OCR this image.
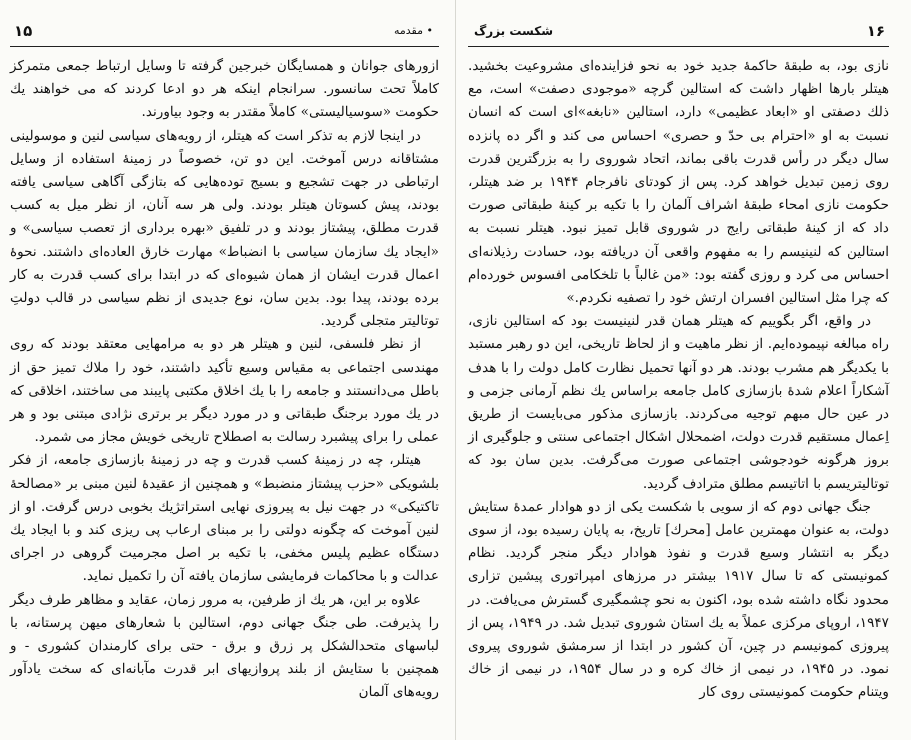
۱۵	• مقدمه

ازورهای جوانان و همسایگان خبرجین گرفته تا وسایل ارتباط جمعی متمرکز کاملاً تحت سانسور. سرانجام اینکه هر دو ادعا کردند که می خواهند یك حکومت «سوسیالیستی» کاملاً مقتدر به وجود بیاورند.

در اینجا لازم به تذکر است که هیتلر، از رویه‌های سیاسی لنین و موسولینی مشتاقانه درس آموخت. این دو تن، خصوصاً در زمینهٔ استفاده از وسایل ارتباطی در جهت تشجیع و بسیج توده‌هایی که بتازگی آگاهی سیاسی یافته بودند، پیش کسوتان هیتلر بودند. ولی هر سه آنان، از نظر میل به کسب قدرت مطلق، پیشتاز بودند و در تلفیق «بهره برداری از تعصب سیاسی» و «ایجاد یك سازمان سیاسی با انضباط» مهارت خارق العاده‌ای داشتند. نحوهٔ اعمال قدرت ایشان از همان شیوه‌ای که در ابتدا برای کسب قدرت به کار برده بودند، پیدا بود. بدین سان، نوع جدیدی از نظم سیاسی در قالب دولتِ توتالیتر متجلی گردید.

از نظر فلسفی، لنین و هیتلر هر دو به مرامهایی معتقد بودند که روی مهندسی اجتماعی به مقیاس وسیع تأکید داشتند، خود را ملاك تمیز حق از باطل می‌دانستند و جامعه را با یك اخلاق مکتبی پایبند می ساختند، اخلاقی که در یك مورد برجنگ طبقاتی و در مورد دیگر بر برتری نژادی مبتنی بود و هر عملی را برای پیشبرد رسالت به اصطلاح تاریخی خویش مجاز می شمرد.

هیتلر، چه در زمینهٔ کسب قدرت و چه در زمینهٔ بازسازی جامعه، از فکر بلشویکی «حزب پیشتاز منضبط» و همچنین از عقیدهٔ لنین مبنی بر «مصالحهٔ تاکتیکی» در جهت نیل به پیروزی نهایی استراتژیك بخوبی درس گرفت. او از لنین آموخت که چگونه دولتی را بر مبنای ارعاب پی ریزی کند و با ایجاد یك دستگاه عظیم پلیس مخفی، با تکیه بر اصل مجرمیت گروهی در اجرای عدالت و با محاکمات فرمایشی سازمان یافته آن را تکمیل نماید.

علاوه بر این، هر یك از طرفین، به مرور زمان، عقاید و مظاهر طرف دیگر را پذیرفت. طی جنگ جهانی دوم، استالین با شعارهای میهن پرستانه، با لباسهای متحدالشکل پر زرق و برق - حتی برای کارمندان کشوری - و همچنین با ستایش از بلند پروازیهای ابر قدرت مآبانه‌ای که سخت یادآور رویه‌های آلمان

۱۶
شکست بزرگ

نازی بود، به طبقهٔ حاکمهٔ جدید خود به نحو فزاینده‌ای مشروعیت بخشید. هیتلر بارها اظهار داشت که استالین گرچه «موجودی دصفت» است، مع ذلك دصفتی او «ابعاد عظیمی» دارد، استالین «نابغه»‌ای است که انسان نسبت به او «احترام بی حدّ و حصری» احساس می کند و اگر ده پانزده سال دیگر در رأس قدرت باقی بماند، اتحاد شوروی را به بزرگترین قدرت روی زمین تبدیل خواهد کرد. پس از کودتای نافرجام ۱۹۴۴ بر ضد هیتلر، حکومت نازی امحاء طبقهٔ اشراف آلمان را با تکیه بر کینهٔ طبقاتی صورت داد که از کینهٔ طبقاتی رایج در شوروی قابل تمیز نبود. هیتلر نسبت به استالین که لنینیسم را به مفهوم واقعی آن دریافته بود، حسادت رذیلانه‌ای احساس می کرد و روزی گفته بود: «من غالباً با تلخکامی افسوس خورده‌ام که چرا مثل استالین افسران ارتش خود را تصفیه نکردم.»

در واقع، اگر بگوییم که هیتلر همان قدر لنینیست بود که استالین نازی، راه مبالغه نپیموده‌ایم. از نظر ماهیت و از لحاظ تاریخی، این دو رهبر مستبد با یکدیگر هم مشرب بودند. هر دو آنها تحمیل نظارت کامل دولت را با هدف آشکاراً اعلام شدهٔ بازسازی کامل جامعه براساس یك نظم آرمانی جزمی و در عین حال مبهم توجیه می‌کردند. بازسازی مذکور می‌بایست از طریق اِعمال مستقیم قدرت دولت، اضمحلال اشکال اجتماعی سنتی و جلوگیری از بروز هرگونه خودجوشی اجتماعی صورت می‌گرفت. بدین سان بود که توتالیتریسم با اتاتیسم مطلق مترادف گردید.

جنگ جهانی دوم که از سویی با شکست یکی از دو هوادار عمدهٔ ستایش دولت، به عنوان مهمترین عامل [محرك] تاریخ، به پایان رسیده بود، از سوی دیگر به انتشار وسیع قدرت و نفوذ هوادار دیگر منجر گردید. نظام کمونیستی که تا سال ۱۹۱۷ بیشتر در مرزهای امپراتوری پیشین تزاری محدود نگاه داشته شده بود، اکنون به نحو چشمگیری گسترش می‌یافت. در ۱۹۴۷، اروپای مرکزی عملاً به یك استان شوروی تبدیل شد. در ۱۹۴۹، پس از پیروزی کمونیسم در چین، آن کشور در ابتدا از سرمشق شوروی پیروی نمود. در ۱۹۴۵، در نیمی از خاك کره و در سال ۱۹۵۴، در نیمی از خاك ویتنام حکومت کمونیستی روی کار
